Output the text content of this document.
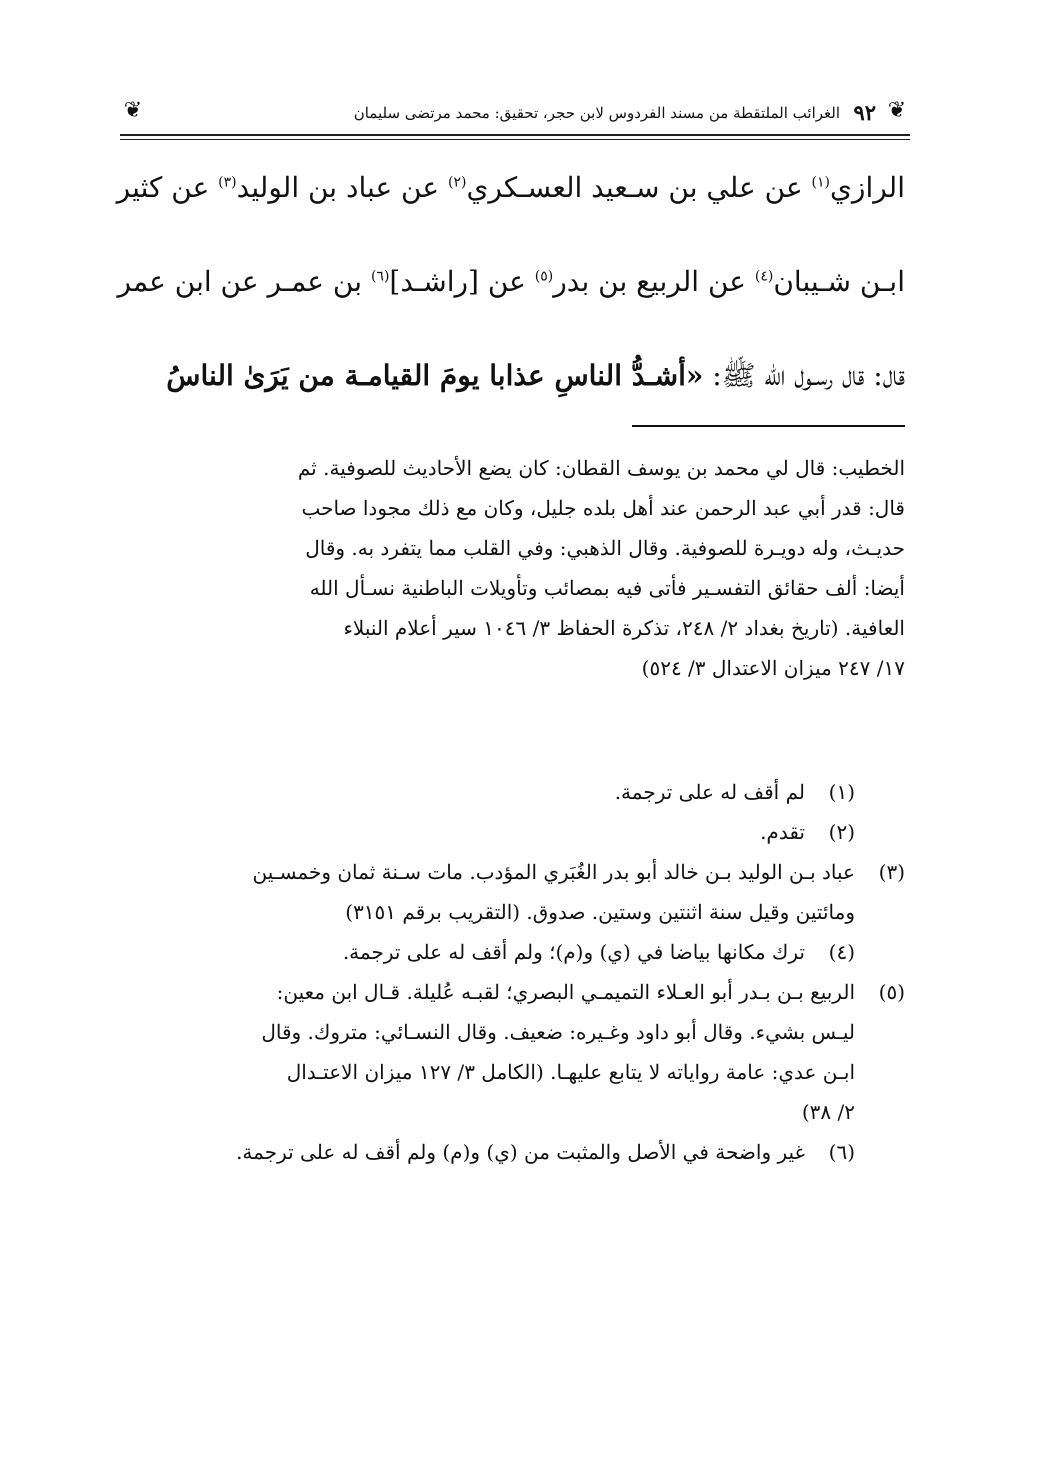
❦
٩٢
الغرائب الملتقطة من مسند الفردوس لابن حجر، تحقيق: محمد مرتضى سليمان
❦
الرازي$^{(١)}$ عن علي بن سـعيد العسـكري$^{(٢)}$ عن عباد بن الوليد$^{(٣)}$ عن كثير
ابـن شـيبان$^{(٤)}$ عن الربيع بن بدر$^{(٥)}$ عن [راشـد]$^{(٦)}$ بن عمـر عن ابن عمر
قال: قال رسـول الله ﷺ: «أشـدُّ الناسِ عذابا يومَ القيامـة من يَرَىٰ الناسُ
الخطيب: قال لي محمد بن يوسف القطان: كان يضع الأحاديث للصوفية. ثم
قال: قدر أبي عبد الرحمن عند أهل بلده جليل، وكان مع ذلك مجودا صاحب
حديـث، وله دويـرة للصوفية. وقال الذهبي: وفي القلب مما يتفرد به. وقال
أيضا: ألف حقائق التفسـير فأتى فيه بمصائب وتأويلات الباطنية نسـأل الله
العافية. (تاريخ بغداد ٢/ ٢٤٨، تذكرة الحفاظ ٣/ ١٠٤٦ سير أعلام النبلاء
١٧/ ٢٤٧ ميزان الاعتدال ٣/ ٥٢٤)
(١)
لم أقف له على ترجمة.
(٢)
تقدم.
(٣)
عباد بـن الوليد بـن خالد أبو بدر الغُبَري المؤدب. مات سـنة ثمان وخمسـين
ومائتين وقيل سنة اثنتين وستين. صدوق. (التقريب برقم ٣١٥١)
(٤)
ترك مكانها بياضا في (ي) و(م)؛ ولم أقف له على ترجمة.
(٥)
الربيع بـن بـدر أبو العـلاء التميمـي البصري؛ لقبـه عُليلة. قـال ابن معين:
ليـس بشيء. وقال أبو داود وغـيره: ضعيف. وقال النسـائي: متروك. وقال
ابـن عدي: عامة رواياته لا يتابع عليهـا. (الكامل ٣/ ١٢٧ ميزان الاعتـدال
٢/ ٣٨)
(٦)
غير واضحة في الأصل والمثبت من (ي) و(م) ولم أقف له على ترجمة.
